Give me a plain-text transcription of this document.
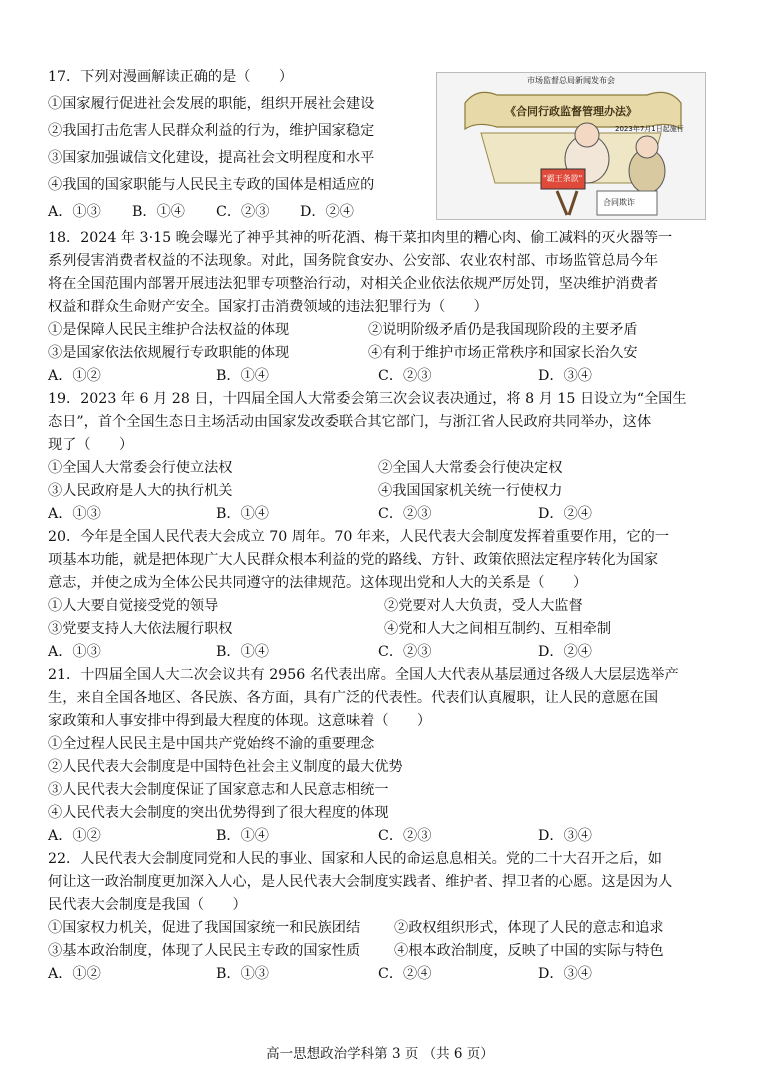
市场监督总局新闻发布会
《合同行政监督管理办法》
2023年7月1日起施行
"霸王条款"
合同欺诈
17．下列对漫画解读正确的是（　　）
①国家履行促进社会发展的职能，组织开展社会建设
②我国打击危害人民群众利益的行为，维护国家稳定
③国家加强诚信文化建设，提高社会文明程度和水平
④我国的国家职能与人民民主专政的国体是相适应的
A．①③ B．①④ C．②③ D．②④
18．2024 年 3·15 晚会曝光了神乎其神的听花酒、梅干菜扣肉里的糟心肉、偷工减料的灭火器等一
系列侵害消费者权益的不法现象。对此，国务院食安办、公安部、农业农村部、市场监管总局今年
将在全国范围内部署开展违法犯罪专项整治行动，对相关企业依法依规严厉处罚，坚决维护消费者
权益和群众生命财产安全。国家打击消费领域的违法犯罪行为（　　）
①是保障人民民主维护合法权益的体现	②说明阶级矛盾仍是我国现阶段的主要矛盾
③是国家依法依规履行专政职能的体现	④有利于维护市场正常秩序和国家长治久安
A．①②	B．①④	C．②③	D．③④
19．2023 年 6 月 28 日，十四届全国人大常委会第三次会议表决通过，将 8 月 15 日设立为“全国生
态日”，首个全国生态日主场活动由国家发改委联合其它部门，与浙江省人民政府共同举办，这体
现了（　　）
①全国人大常委会行使立法权	②全国人大常委会行使决定权
③人民政府是人大的执行机关	④我国国家机关统一行使权力
A．①③	B．①④	C．②③	D．②④
20．今年是全国人民代表大会成立 70 周年。70 年来，人民代表大会制度发挥着重要作用，它的一
项基本功能，就是把体现广大人民群众根本利益的党的路线、方针、政策依照法定程序转化为国家
意志，并使之成为全体公民共同遵守的法律规范。这体现出党和人大的关系是（　　）
①人大要自觉接受党的领导	②党要对人大负责，受人大监督
③党要支持人大依法履行职权	④党和人大之间相互制约、互相牵制
A．①③	B．①④	C．②③	D．②④
21．十四届全国人大二次会议共有 2956 名代表出席。全国人大代表从基层通过各级人大层层选举产
生，来自全国各地区、各民族、各方面，具有广泛的代表性。代表们认真履职，让人民的意愿在国
家政策和人事安排中得到最大程度的体现。这意味着（　　）
①全过程人民民主是中国共产党始终不渝的重要理念
②人民代表大会制度是中国特色社会主义制度的最大优势
③人民代表大会制度保证了国家意志和人民意志相统一
④人民代表大会制度的突出优势得到了很大程度的体现
A．①②	B．①④	C．②③	D．③④
22．人民代表大会制度同党和人民的事业、国家和人民的命运息息相关。党的二十大召开之后，如
何让这一政治制度更加深入人心，是人民代表大会制度实践者、维护者、捍卫者的心愿。这是因为人
民代表大会制度是我国（　　）
①国家权力机关，促进了我国国家统一和民族团结 ②政权组织形式，体现了人民的意志和追求
③基本政治制度，体现了人民民主专政的国家性质 ④根本政治制度，反映了中国的实际与特色
A．①②	B．①③	C．②④	D．③④
高一思想政治学科第 3 页 （共 6 页）
